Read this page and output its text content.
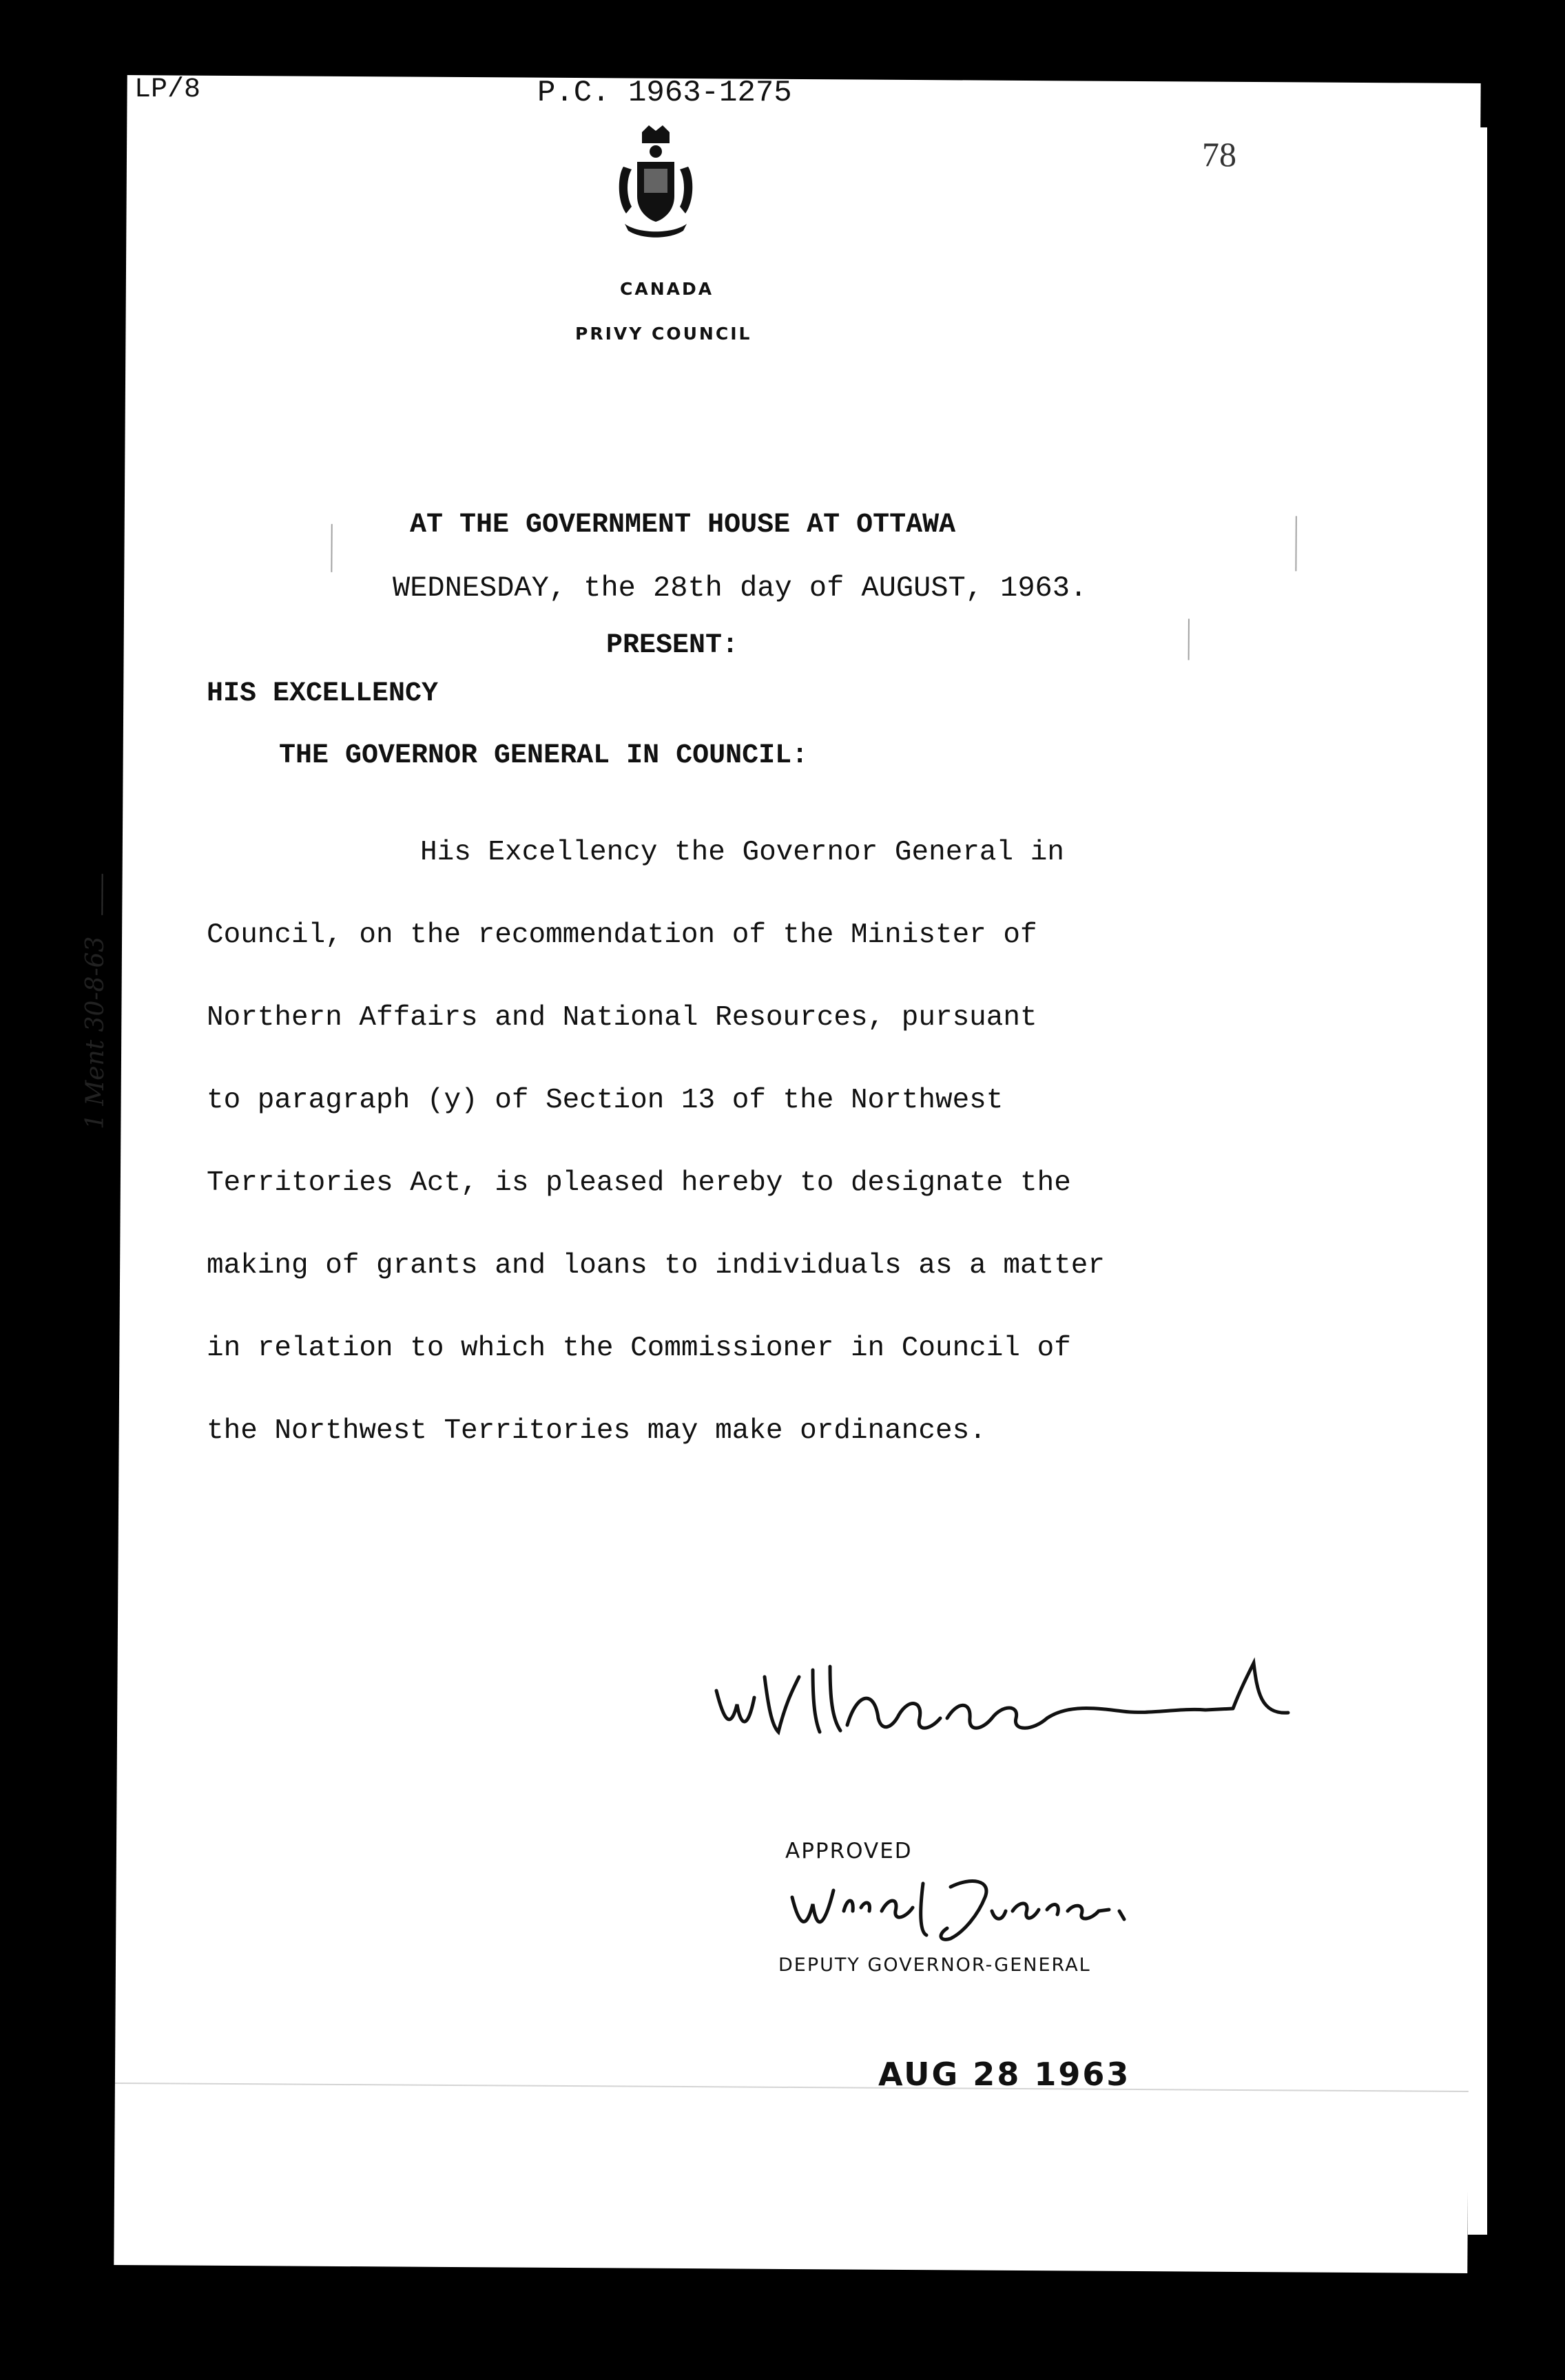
LP/8	P.C. 1963-1275
78
CANADA
PRIVY COUNCIL
AT THE GOVERNMENT HOUSE AT OTTAWA
WEDNESDAY, the 28th day of AUGUST, 1963.
PRESENT:
HIS EXCELLENCY
THE GOVERNOR GENERAL IN COUNCIL:
His Excellency the Governor General in
Council, on the recommendation of the Minister of
Northern Affairs and National Resources, pursuant
to paragraph (y) of Section 13 of the Northwest
Territories Act, is pleased hereby to designate the
making of grants and loans to individuals as a matter
in relation to which the Commissioner in Council of
the Northwest Territories may make ordinances.
APPROVED
DEPUTY GOVERNOR-GENERAL
AUG 28 1963
1 Ment 30-8-63
